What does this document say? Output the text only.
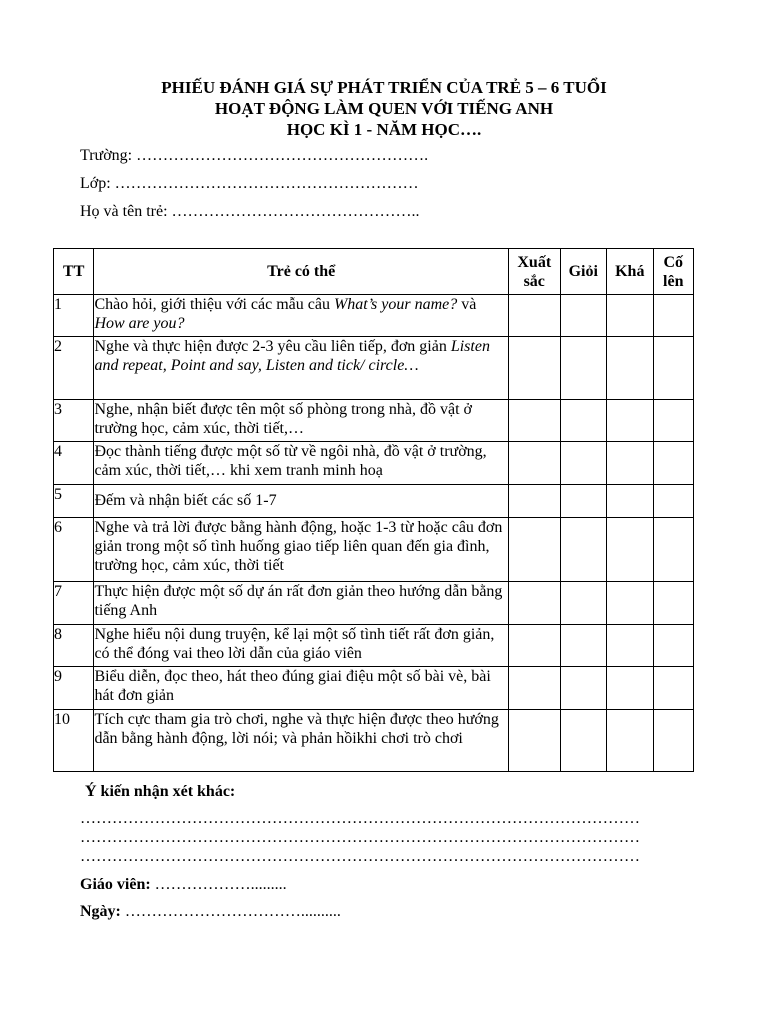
PHIẾU ĐÁNH GIÁ SỰ PHÁT TRIỂN CỦA TRẺ 5 – 6 TUỔI
HOẠT ĐỘNG LÀM QUEN VỚI TIẾNG ANH
HỌC KÌ 1 - NĂM HỌC….
Trường: ……………………………………………….
Lớp: …………………………………………………
Họ và tên trẻ: ………………………………………..
TT	Trẻ có thể	Xuất sắc	Giỏi	Khá	Cố lên
1	Chào hỏi, giới thiệu với các mẫu câu What’s your name? và How are you?				
2	Nghe và thực hiện được 2-3 yêu cầu liên tiếp, đơn giản Listen and repeat, Point and say, Listen and tick/ circle…				
3	Nghe, nhận biết được tên một số phòng trong nhà, đồ vật ở trường học, cảm xúc, thời tiết,…				
4	Đọc thành tiếng được một số từ về ngôi nhà, đồ vật ở trường, cảm xúc, thời tiết,… khi xem tranh minh hoạ				
5	Đếm và nhận biết các số 1-7				
6	Nghe và trả lời được bằng hành động, hoặc 1-3 từ hoặc câu đơn giản trong một số tình huống giao tiếp liên quan đến gia đình, trường học, cảm xúc, thời tiết				
7	Thực hiện được một số dự án rất đơn giản theo hướng dẫn bằng tiếng Anh				
8	Nghe hiểu nội dung truyện, kể lại một số tình tiết rất đơn giản, có thể đóng vai theo lời dẫn của giáo viên				
9	Biểu diễn, đọc theo, hát theo đúng giai điệu một số bài vè, bài hát đơn giản				
10	Tích cực tham gia trò chơi, nghe và thực hiện được theo hướng dẫn bằng hành động, lời nói; và phản hồikhi chơi trò chơi				
Ý kiến nhận xét khác:
……………………………………………………………………………………………
……………………………………………………………………………………………
……………………………………………………………………………………………
Giáo viên: ……………….........
Ngày: ……………………………..........
